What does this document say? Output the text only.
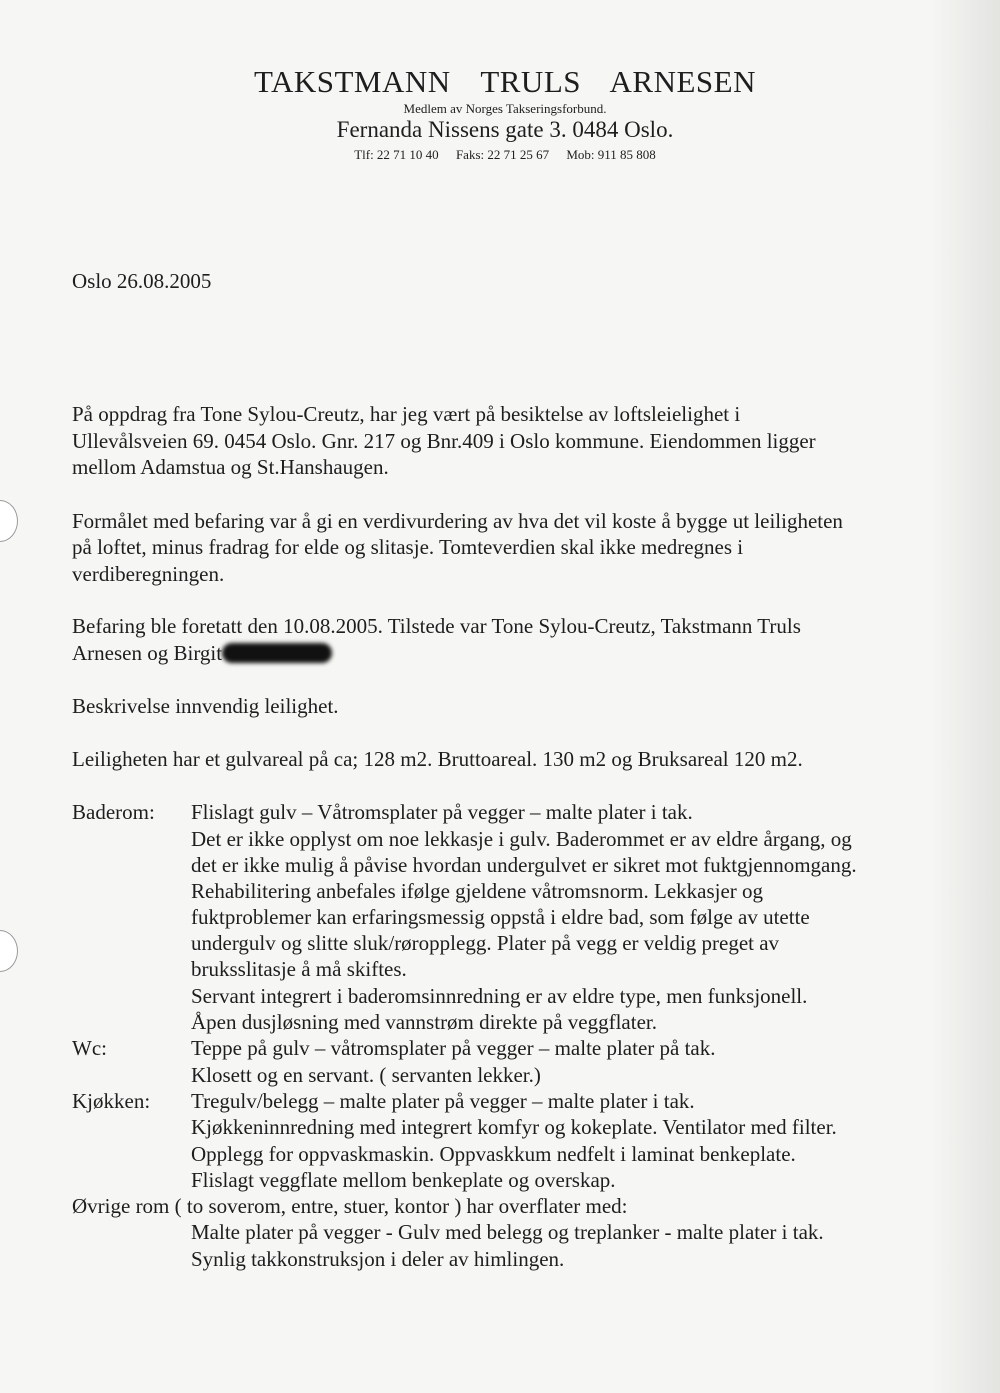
TAKSTMANN TRULS ARNESEN
Medlem av Norges Takseringsforbund.
Fernanda Nissens gate 3. 0484 Oslo.
Tlf: 22 71 10 40 Faks: 22 71 25 67 Mob: 911 85 808
Oslo 26.08.2005
På oppdrag fra Tone Sylou-Creutz, har jeg vært på besiktelse av loftsleielighet i
Ullevålsveien 69. 0454 Oslo. Gnr. 217 og Bnr.409 i Oslo kommune. Eiendommen ligger
mellom Adamstua og St.Hanshaugen.
Formålet med befaring var å gi en verdivurdering av hva det vil koste å bygge ut leiligheten
på loftet, minus fradrag for elde og slitasje. Tomteverdien skal ikke medregnes i
verdiberegningen.
Befaring ble foretatt den 10.08.2005. Tilstede var Tone Sylou-Creutz, Takstmann Truls
Arnesen og Birgit
Beskrivelse innvendig leilighet.
Leiligheten har et gulvareal på ca; 128 m2. Bruttoareal. 130 m2 og Bruksareal 120 m2.
Baderom: Flislagt gulv – Våtromsplater på vegger – malte plater i tak.
Det er ikke opplyst om noe lekkasje i gulv. Baderommet er av eldre årgang, og
det er ikke mulig å påvise hvordan undergulvet er sikret mot fuktgjennomgang.
Rehabilitering anbefales ifølge gjeldene våtromsnorm. Lekkasjer og
fuktproblemer kan erfaringsmessig oppstå i eldre bad, som følge av utette
undergulv og slitte sluk/røropplegg. Plater på vegg er veldig preget av
bruksslitasje å må skiftes.
Servant integrert i baderomsinnredning er av eldre type, men funksjonell.
Åpen dusjløsning med vannstrøm direkte på veggflater.
Wc:	Teppe på gulv – våtromsplater på vegger – malte plater på tak.
Klosett og en servant. ( servanten lekker.)
Kjøkken: Tregulv/belegg – malte plater på vegger – malte plater i tak.
Kjøkkeninnredning med integrert komfyr og kokeplate. Ventilator med filter.
Opplegg for oppvaskmaskin. Oppvaskkum nedfelt i laminat benkeplate.
Flislagt veggflate mellom benkeplate og overskap.
Øvrige rom ( to soverom, entre, stuer, kontor ) har overflater med:
Malte plater på vegger - Gulv med belegg og treplanker - malte plater i tak.
Synlig takkonstruksjon i deler av himlingen.
